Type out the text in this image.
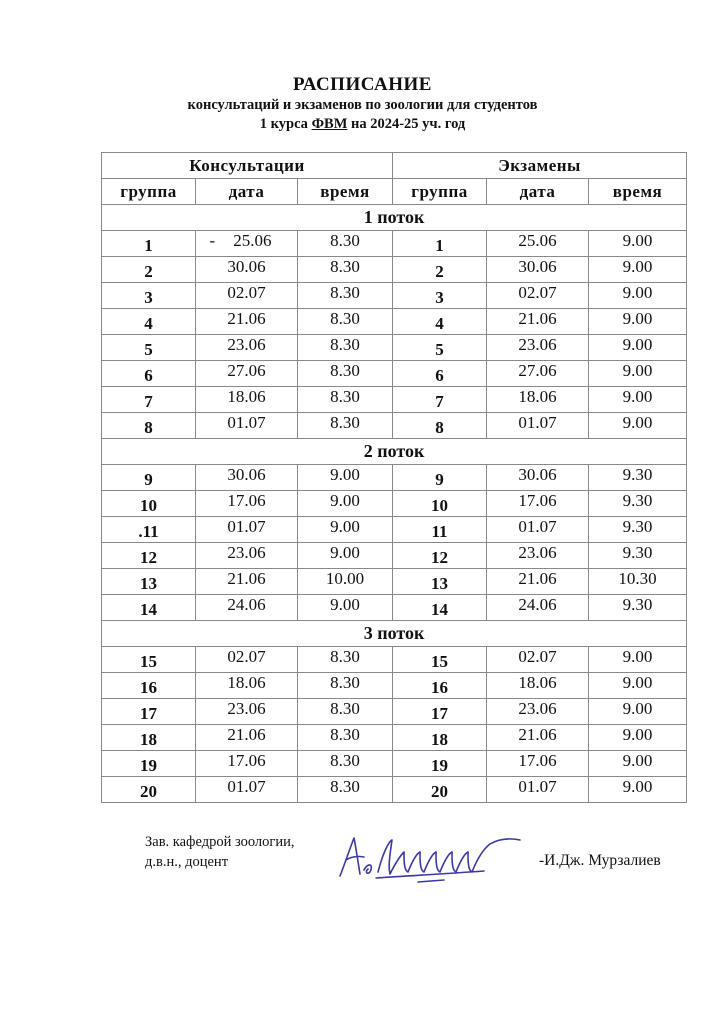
РАСПИСАНИЕ
консультаций и экзаменов по зоологии для студентов
1 курса ФВМ на 2024-25 уч. год
Консультации			Экзамены		
группа	дата	время	группа	дата	время
1 поток					
1	- 25.06	8.30	1	25.06	9.00
2	30.06	8.30	2	30.06	9.00
3	02.07	8.30	3	02.07	9.00
4	21.06	8.30	4	21.06	9.00
5	23.06	8.30	5	23.06	9.00
6	27.06	8.30	6	27.06	9.00
7	18.06	8.30	7	18.06	9.00
8	01.07	8.30	8	01.07	9.00
2 поток					
9	30.06	9.00	9	30.06	9.30
10	17.06	9.00	10	17.06	9.30
.11	01.07	9.00	11	01.07	9.30
12	23.06	9.00	12	23.06	9.30
13	21.06	10.00	13	21.06	10.30
14	24.06	9.00	14	24.06	9.30
3 поток					
15	02.07	8.30	15	02.07	9.00
16	18.06	8.30	16	18.06	9.00
17	23.06	8.30	17	23.06	9.00
18	21.06	8.30	18	21.06	9.00
19	17.06	8.30	19	17.06	9.00
20	01.07	8.30	20	01.07	9.00
Зав. кафедрой зоологии,
д.в.н., доцент	-И.Дж. Мурзалиев
